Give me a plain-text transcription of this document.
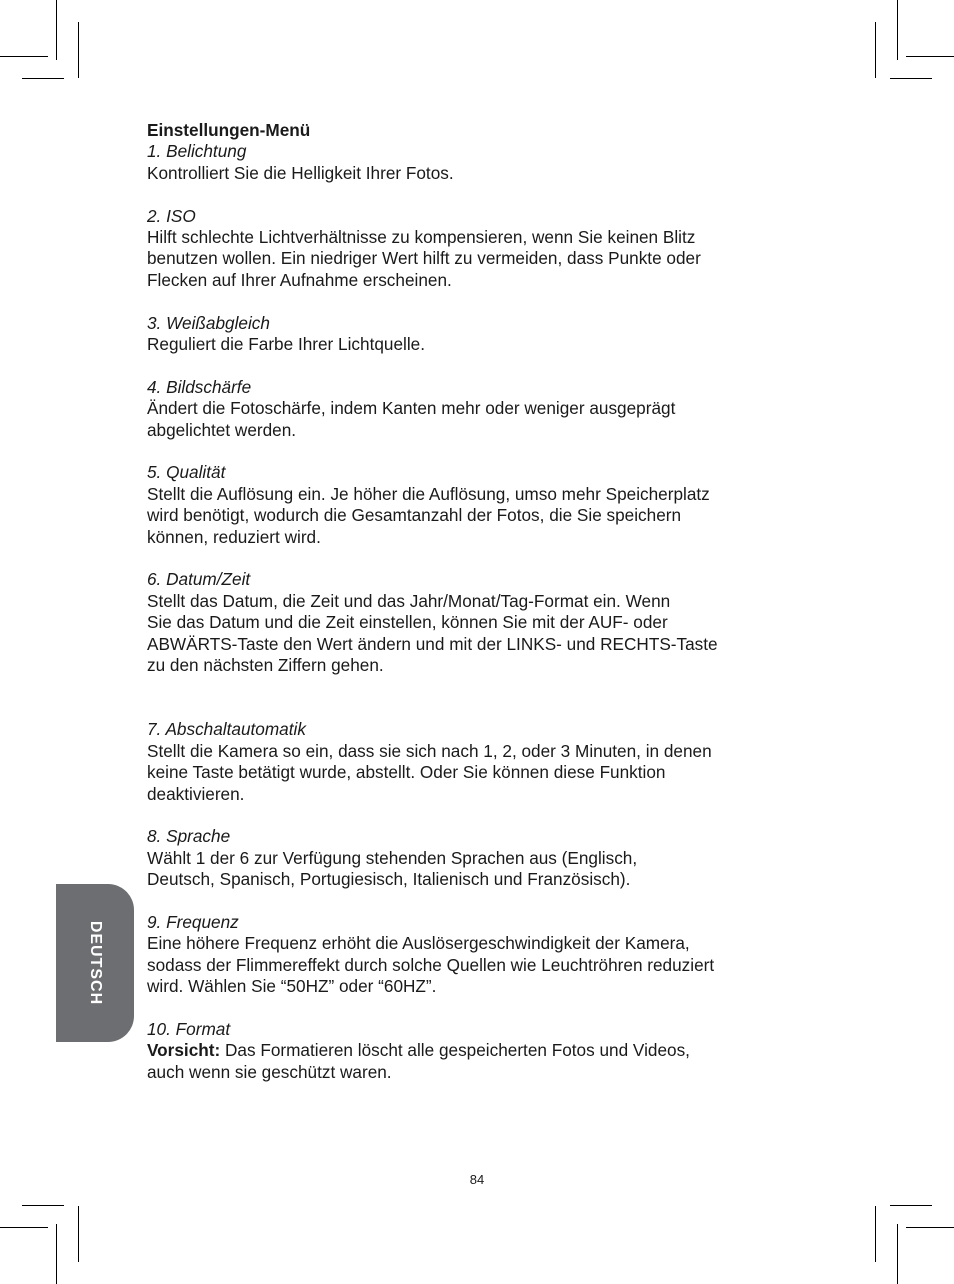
Einstellungen-Menü

1. Belichtung

Kontrolliert Sie die Helligkeit Ihrer Fotos.

2. ISO

Hilft schlechte Lichtverhältnisse zu kompensieren, wenn Sie keinen Blitz

benutzen wollen. Ein niedriger Wert hilft zu vermeiden, dass Punkte oder

Flecken auf Ihrer Aufnahme erscheinen.

3. Weißabgleich

Reguliert die Farbe Ihrer Lichtquelle.

4. Bildschärfe

Ändert die Fotoschärfe, indem Kanten mehr oder weniger ausgeprägt

abgelichtet werden.

5. Qualität

Stellt die Auflösung ein. Je höher die Auflösung, umso mehr Speicherplatz

wird benötigt, wodurch die Gesamtanzahl der Fotos, die Sie speichern

können, reduziert wird.

6. Datum/Zeit

Stellt das Datum, die Zeit und das Jahr/Monat/Tag-Format ein. Wenn

Sie das Datum und die Zeit einstellen, können Sie mit der AUF- oder

ABWÄRTS-Taste den Wert ändern und mit der LINKS- und RECHTS-Taste

zu den nächsten Ziffern gehen.

7. Abschaltautomatik

Stellt die Kamera so ein, dass sie sich nach 1, 2, oder 3 Minuten, in denen

keine Taste betätigt wurde, abstellt. Oder Sie können diese Funktion

deaktivieren.

8. Sprache

Wählt 1 der 6 zur Verfügung stehenden Sprachen aus (Englisch,

Deutsch, Spanisch, Portugiesisch, Italienisch und Französisch).

9. Frequenz

Eine höhere Frequenz erhöht die Auslösergeschwindigkeit der Kamera,

sodass der Flimmereffekt durch solche Quellen wie Leuchtröhren reduziert

wird. Wählen Sie “50HZ” oder “60HZ”.

10. Format

Vorsicht: Das Formatieren löscht alle gespeicherten Fotos und Videos,

auch wenn sie geschützt waren.

DEUTSCH
84
